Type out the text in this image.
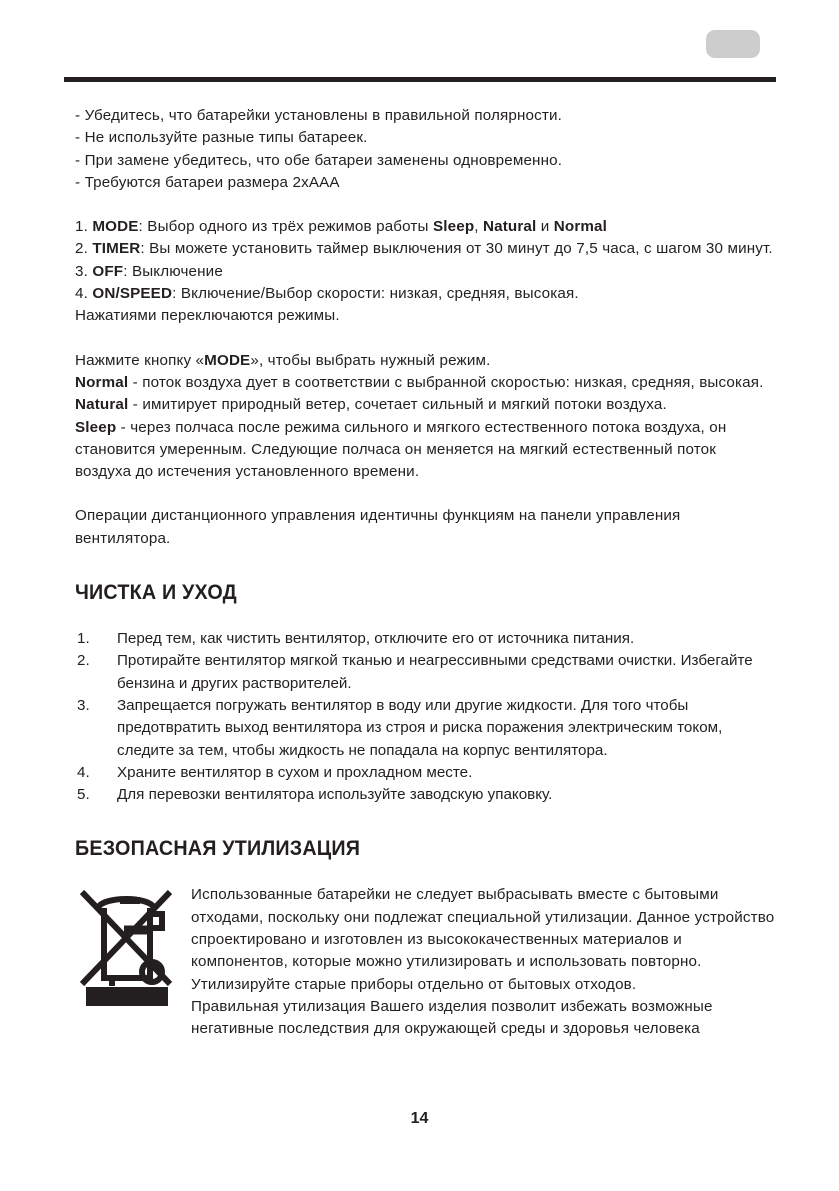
- Убедитесь, что батарейки установлены в правильной полярности.

- Не используйте разные типы батареек.

- При замене убедитесь, что обе батареи заменены одновременно.

- Требуются батареи размера 2хААА

1. MODE: Выбор одного из трёх режимов работы Sleep, Natural и Normal

2. TIMER: Вы можете установить таймер выключения от 30 минут до 7,5 часа, с шагом 30 минут.

3. OFF: Выключение

4. ON/SPEED: Включение/Выбор скорости: низкая, средняя, высокая.

Нажатиями переключаются режимы.

Нажмите кнопку «MODE», чтобы выбрать нужный режим.

Normal - поток воздуха дует в соответствии с выбранной скоростью: низкая, средняя, высокая.

Natural - имитирует природный ветер, сочетает сильный и мягкий потоки воздуха.

Sleep - через полчаса после режима сильного и мягкого естественного потока воздуха, он становится умеренным. Следующие полчаса он меняется на мягкий естественный поток воздуха до истечения установленного времени.

Операции дистанционного управления идентичны функциям на панели управления вентилятора.

ЧИСТКА И УХОД
1.	Перед тем, как чистить вентилятор, отключите его от источника питания.
2.	Протирайте вентилятор мягкой тканью и неагрессивными средствами очистки. Избегайте бензина и других растворителей.
3.	Запрещается погружать вентилятор в воду или другие жидкости. Для того чтобы предотвратить выход вентилятора из строя и риска поражения электрическим током, следите за тем, чтобы жидкость не попадала на корпус вентилятора.
4.	Храните вентилятор в сухом и прохладном месте.
5.	Для перевозки вентилятора используйте заводскую упаковку.
БЕЗОПАСНАЯ УТИЛИЗАЦИЯ

Использованные батарейки не следует выбрасывать вместе с бытовыми отходами, поскольку они подлежат специальной утилизации. Данное устройство спроектировано и изготовлен из высококачественных материалов и компонентов, которые можно утилизировать и использовать повторно.

Утилизируйте старые приборы отдельно от бытовых отходов.

Правильная утилизация Вашего изделия позволит избежать возможные негативные последствия для окружающей среды и здоровья человека

14
